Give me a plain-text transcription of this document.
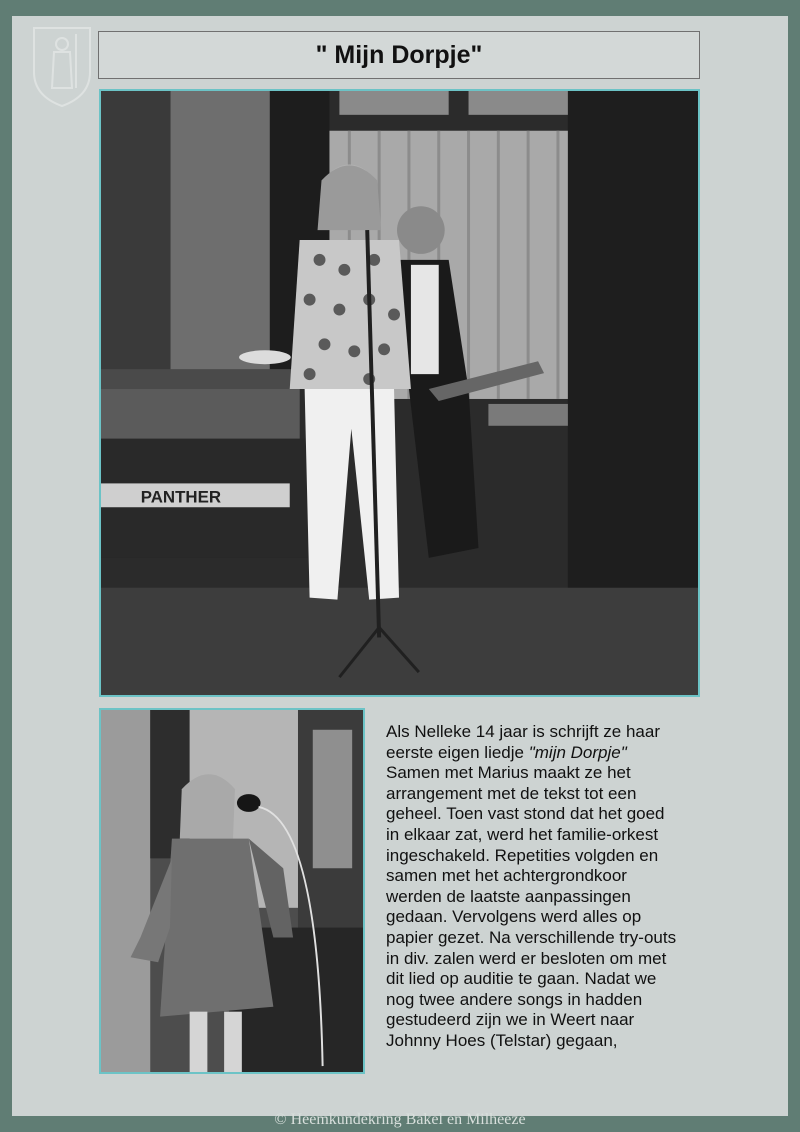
" Mijn Dorpje"
PANTHER
Als Nelleke 14 jaar is schrijft ze haar
eerste eigen liedje "mijn Dorpje"
Samen met Marius maakt ze het
arrangement met de tekst tot een
geheel. Toen vast stond dat het goed
in elkaar zat, werd het familie-orkest
ingeschakeld. Repetities volgden en
samen met het achtergrondkoor
werden de laatste aanpassingen
gedaan. Vervolgens werd alles op
papier gezet. Na verschillende try-outs
in div. zalen werd er besloten om met
dit lied op auditie te gaan. Nadat we
nog twee andere songs in hadden
gestudeerd zijn we in Weert naar
Johnny Hoes (Telstar) gegaan,
© Heemkundekring Bakel en Milheeze
